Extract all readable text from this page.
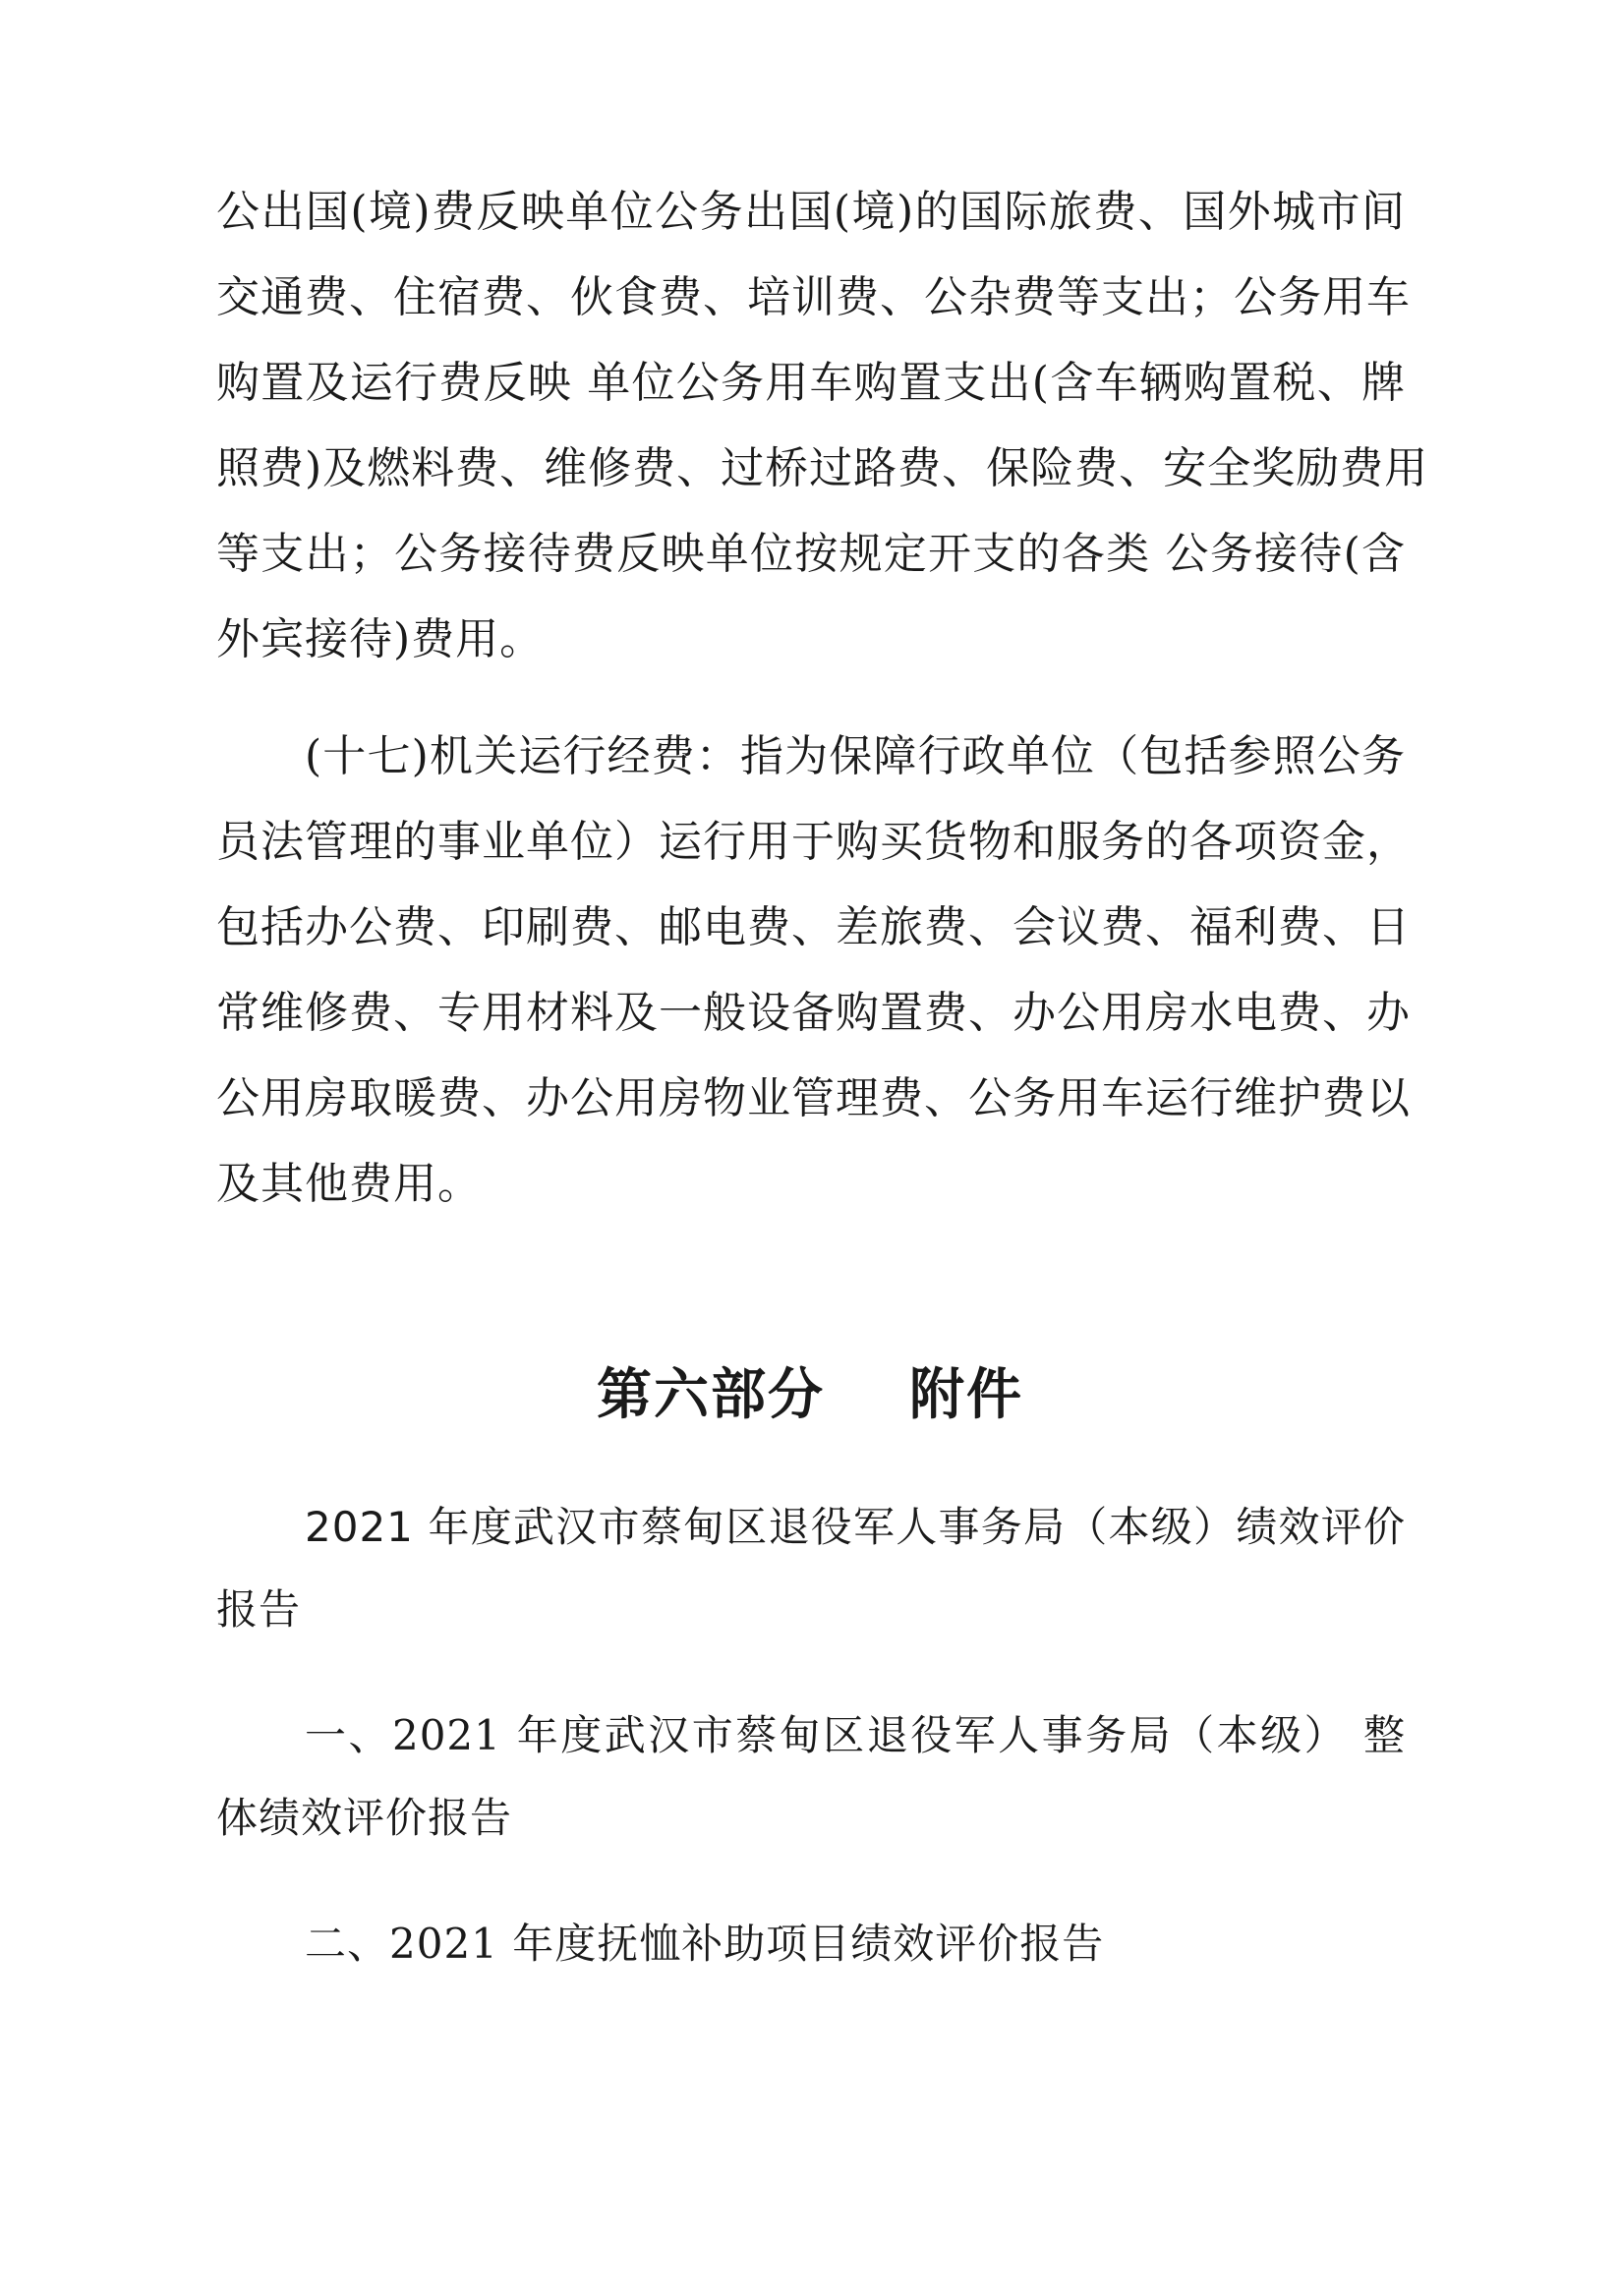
公出国(境)费反映单位公务出国(境)的国际旅费、国外城市间
交通费、住宿费、伙食费、培训费、公杂费等支出；公务用车
购置及运行费反映 单位公务用车购置支出(含车辆购置税、牌
照费)及燃料费、维修费、过桥过路费、保险费、安全奖励费用
等支出；公务接待费反映单位按规定开支的各类 公务接待(含
外宾接待)费用。
(十七)机关运行经费：指为保障行政单位（包括参照公务
员法管理的事业单位）运行用于购买货物和服务的各项资金，
包括办公费、印刷费、邮电费、差旅费、会议费、福利费、日
常维修费、专用材料及一般设备购置费、办公用房水电费、办
公用房取暖费、办公用房物业管理费、公务用车运行维护费以
及其他费用。
第六部分    附件
2021 年度武汉市蔡甸区退役军人事务局（本级）绩效评价
报告
一、2021 年度武汉市蔡甸区退役军人事务局（本级） 整
体绩效评价报告
二、2021 年度抚恤补助项目绩效评价报告
